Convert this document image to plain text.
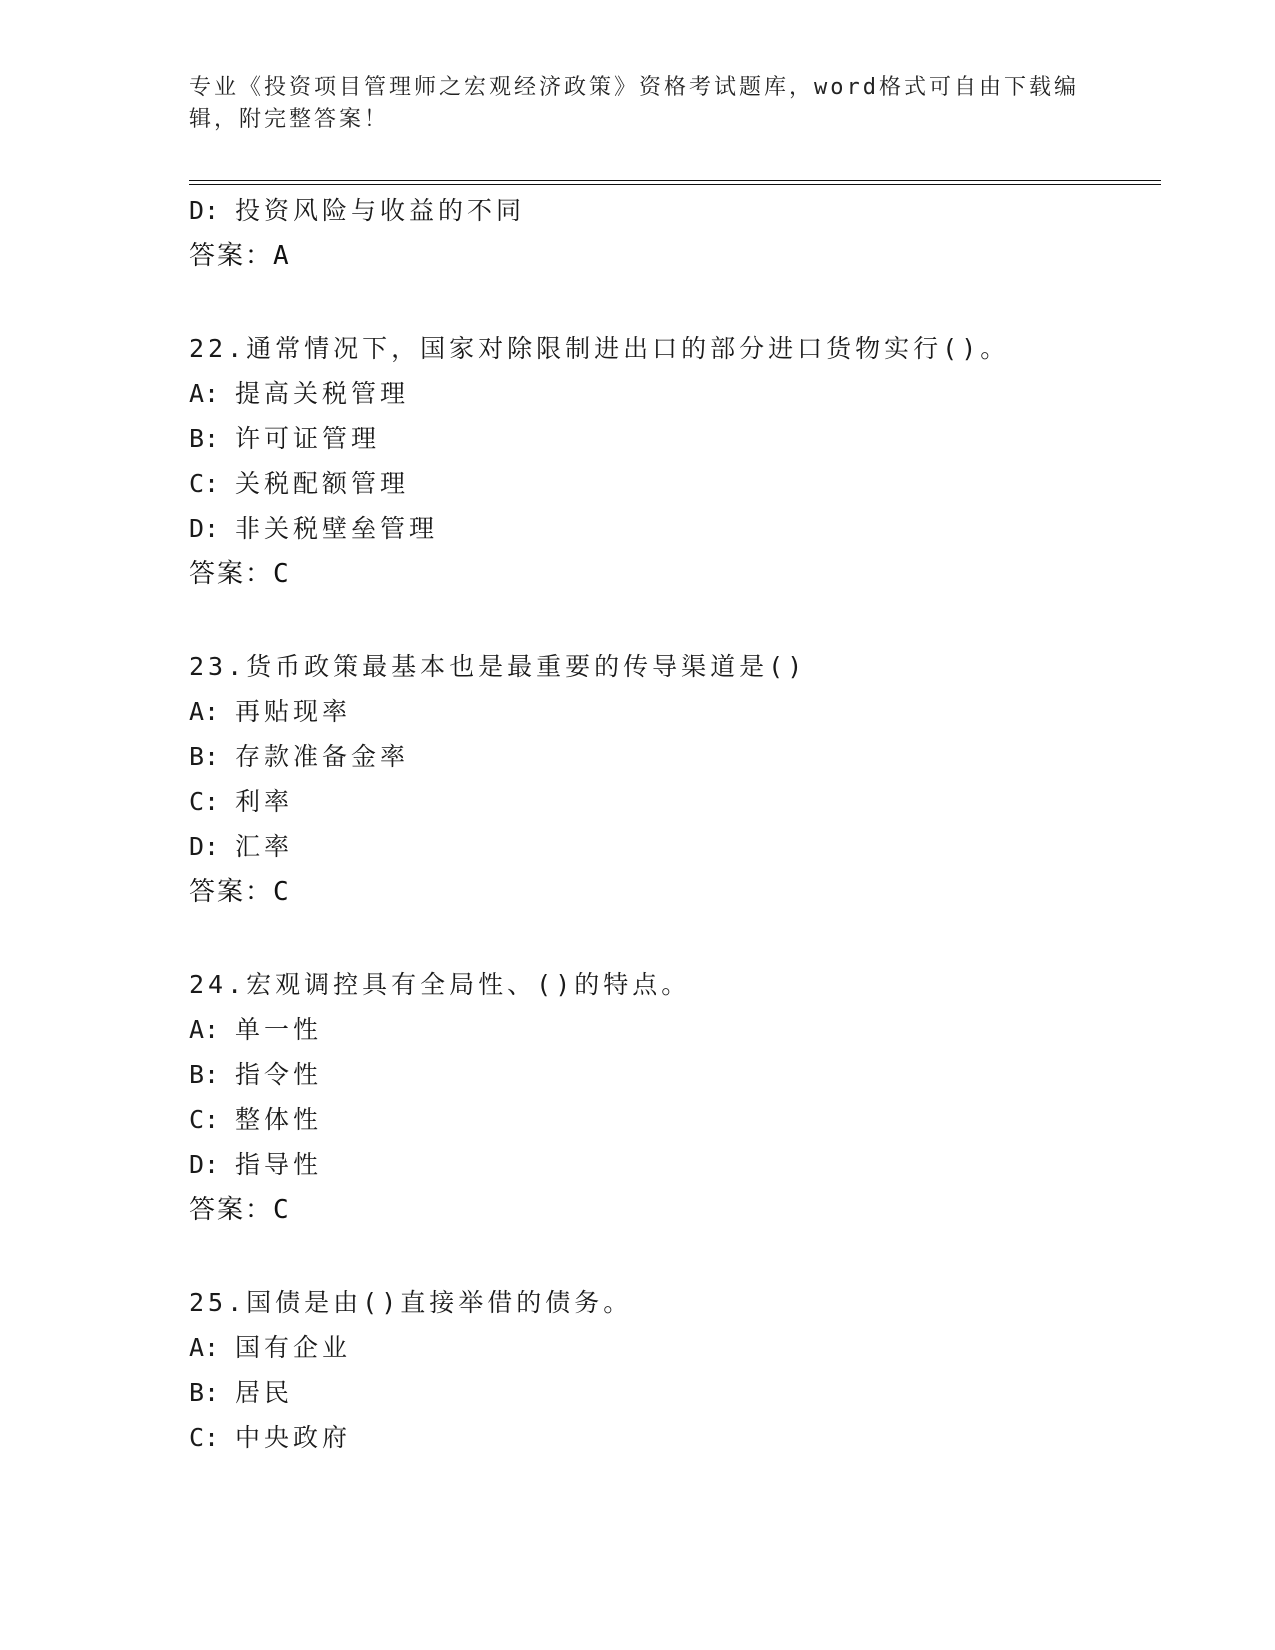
专业《投资项目管理师之宏观经济政策》资格考试题库，word格式可自由下载编辑，附完整答案！
D: 投资风险与收益的不同
答案：A
22.通常情况下，国家对除限制进出口的部分进口货物实行()。
A: 提高关税管理
B: 许可证管理
C: 关税配额管理
D: 非关税壁垒管理
答案：C
23.货币政策最基本也是最重要的传导渠道是()
A: 再贴现率
B: 存款准备金率
C: 利率
D: 汇率
答案：C
24.宏观调控具有全局性、()的特点。
A: 单一性
B: 指令性
C: 整体性
D: 指导性
答案：C
25.国债是由()直接举借的债务。
A: 国有企业
B: 居民
C: 中央政府
